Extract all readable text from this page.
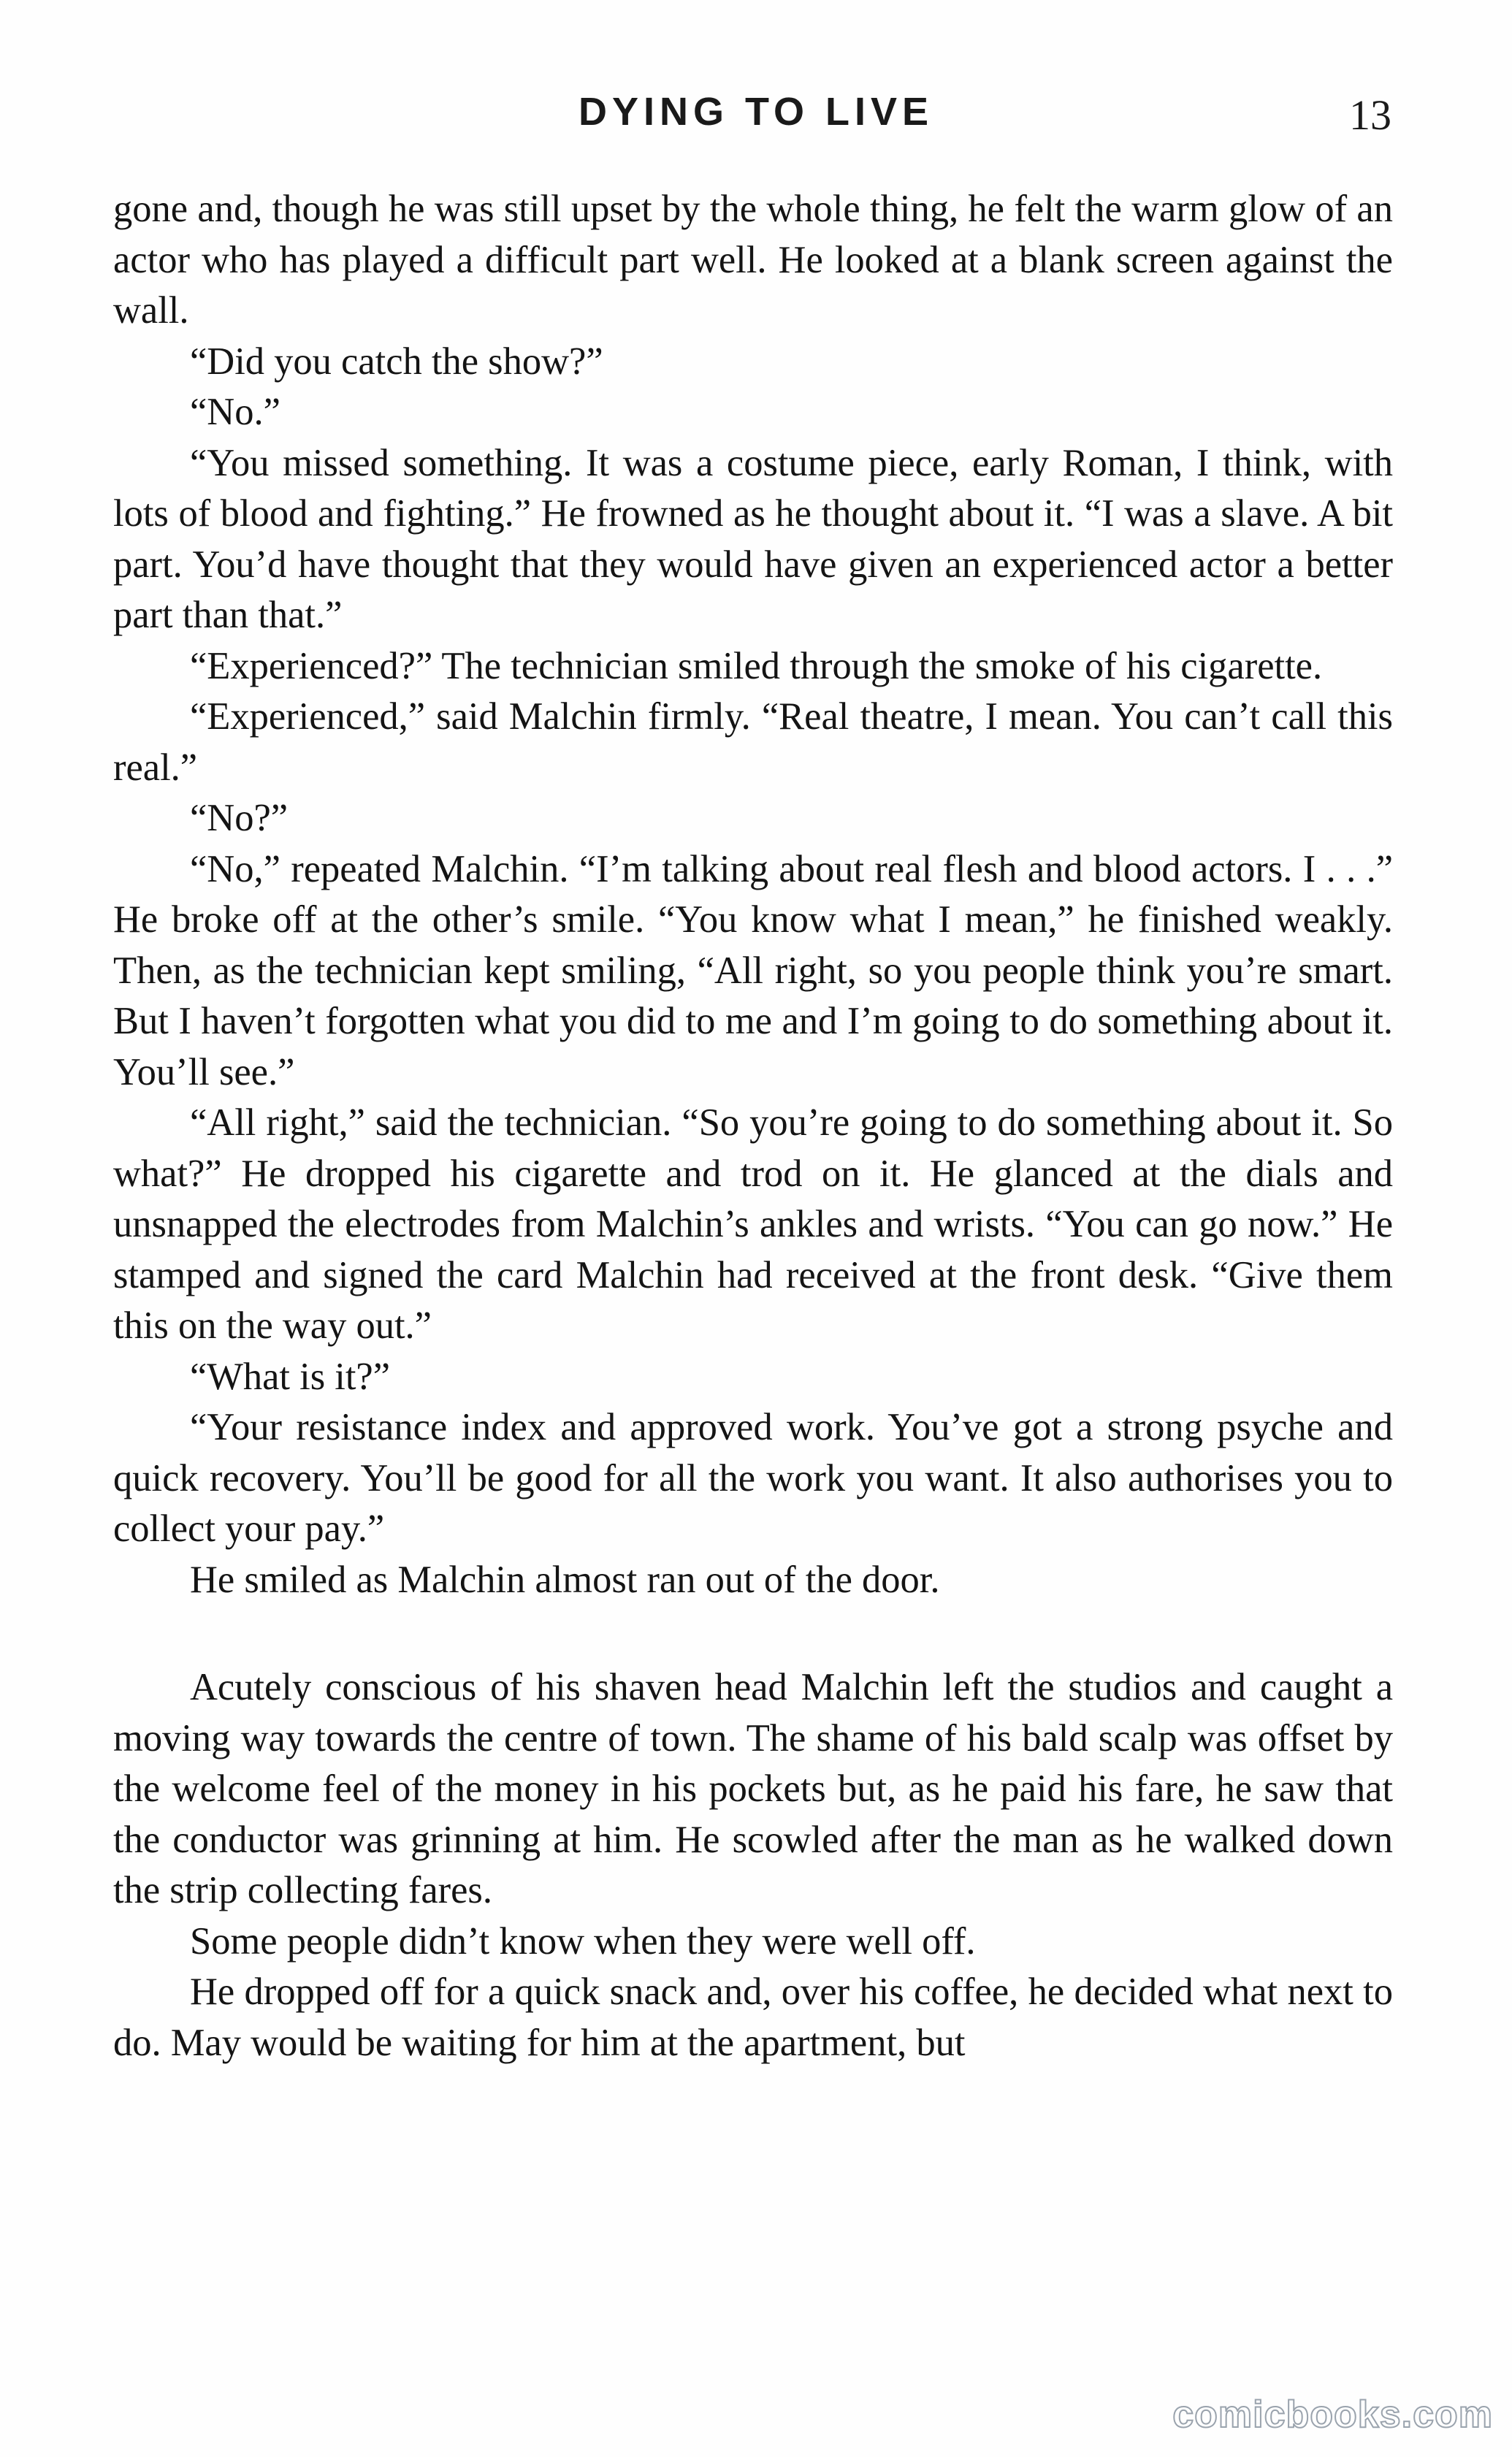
DYING TO LIVE	13

gone and, though he was still upset by the whole thing, he felt the warm glow of an actor who has played a difficult part well. He looked at a blank screen against the wall.

“Did you catch the show?”

“No.”

“You missed something. It was a costume piece, early Roman, I think, with lots of blood and fighting.” He frowned as he thought about it. “I was a slave. A bit part. You’d have thought that they would have given an experienced actor a better part than that.”

“Experienced?” The technician smiled through the smoke of his cigarette.

“Experienced,” said Malchin firmly. “Real theatre, I mean. You can’t call this real.”

“No?”

“No,” repeated Malchin. “I’m talking about real flesh and blood actors. I . . .” He broke off at the other’s smile. “You know what I mean,” he finished weakly. Then, as the technician kept smiling, “All right, so you people think you’re smart. But I haven’t forgotten what you did to me and I’m going to do something about it. You’ll see.”

“All right,” said the technician. “So you’re going to do something about it. So what?” He dropped his cigarette and trod on it. He glanced at the dials and unsnapped the electrodes from Malchin’s ankles and wrists. “You can go now.” He stamped and signed the card Malchin had received at the front desk. “Give them this on the way out.”

“What is it?”

“Your resistance index and approved work. You’ve got a strong psyche and quick recovery. You’ll be good for all the work you want. It also authorises you to collect your pay.”

He smiled as Malchin almost ran out of the door.

Acutely conscious of his shaven head Malchin left the studios and caught a moving way towards the centre of town. The shame of his bald scalp was offset by the welcome feel of the money in his pockets but, as he paid his fare, he saw that the conductor was grinning at him. He scowled after the man as he walked down the strip collecting fares.

Some people didn’t know when they were well off.

He dropped off for a quick snack and, over his coffee, he decided what next to do. May would be waiting for him at the apartment, but

comicbooks.com
